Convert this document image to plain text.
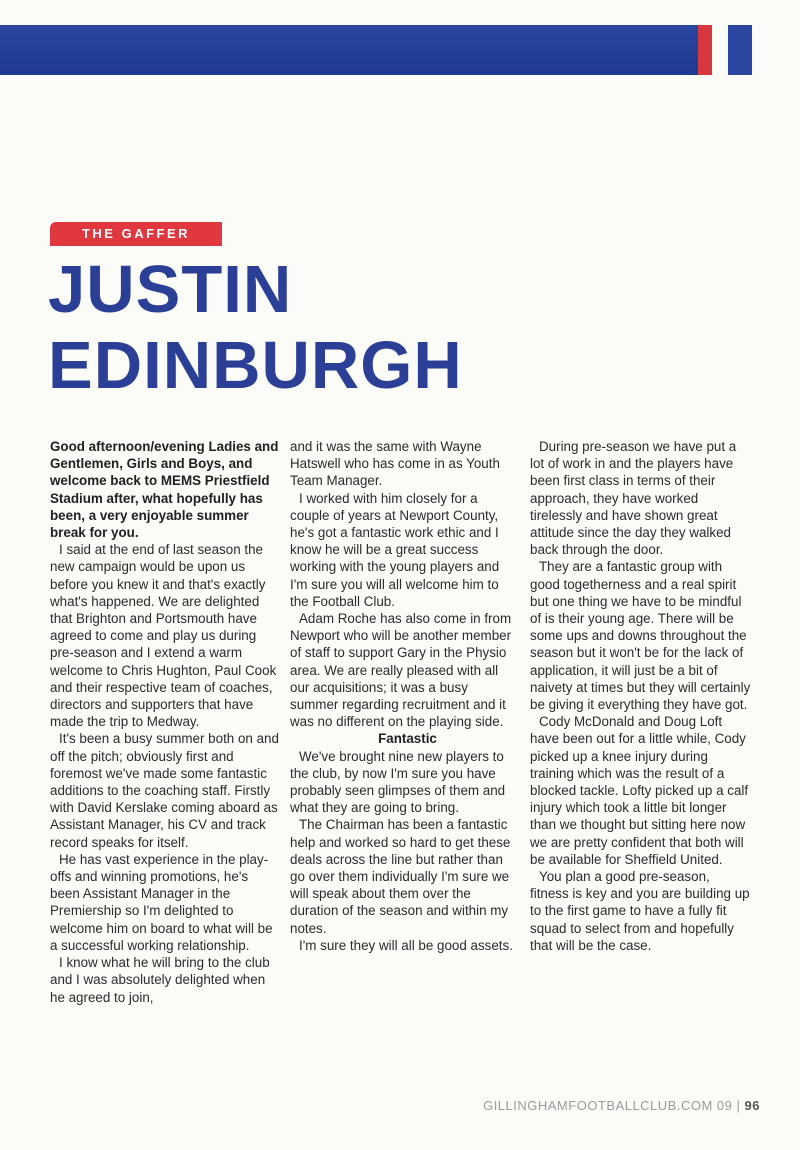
THE GAFFER
JUSTIN
EDINBURGH

Good afternoon/evening Ladies and Gentlemen, Girls and Boys, and welcome back to MEMS Priestfield Stadium after, what hopefully has been, a very enjoyable summer break for you.

I said at the end of last season the new campaign would be upon us before you knew it and that's exactly what's happened. We are delighted that Brighton and Portsmouth have agreed to come and play us during pre-season and I extend a warm welcome to Chris Hughton, Paul Cook and their respective team of coaches, directors and supporters that have made the trip to Medway.

It's been a busy summer both on and off the pitch; obviously first and foremost we've made some fantastic additions to the coaching staff. Firstly with David Kerslake coming aboard as Assistant Manager, his CV and track record speaks for itself.

He has vast experience in the play-offs and winning promotions, he's been Assistant Manager in the Premiership so I'm delighted to welcome him on board to what will be a successful working relationship.

I know what he will bring to the club and I was absolutely delighted when he agreed to join,

and it was the same with Wayne Hatswell who has come in as Youth Team Manager.

I worked with him closely for a couple of years at Newport County, he's got a fantastic work ethic and I know he will be a great success working with the young players and I'm sure you will all welcome him to the Football Club.

Adam Roche has also come in from Newport who will be another member of staff to support Gary in the Physio area. We are really pleased with all our acquisitions; it was a busy summer regarding recruitment and it was no different on the playing side.

Fantastic

We've brought nine new players to the club, by now I'm sure you have probably seen glimpses of them and what they are going to bring.

The Chairman has been a fantastic help and worked so hard to get these deals across the line but rather than go over them individually I'm sure we will speak about them over the duration of the season and within my notes.

I'm sure they will all be good assets.

During pre-season we have put a lot of work in and the players have been first class in terms of their approach, they have worked tirelessly and have shown great attitude since the day they walked back through the door.

They are a fantastic group with good togetherness and a real spirit but one thing we have to be mindful of is their young age. There will be some ups and downs throughout the season but it won't be for the lack of application, it will just be a bit of naivety at times but they will certainly be giving it everything they have got.

Cody McDonald and Doug Loft have been out for a little while, Cody picked up a knee injury during training which was the result of a blocked tackle. Lofty picked up a calf injury which took a little bit longer than we thought but sitting here now we are pretty confident that both will be available for Sheffield United.

You plan a good pre-season, fitness is key and you are building up to the first game to have a fully fit squad to select from and hopefully that will be the case.

GILLINGHAMFOOTBALLCLUB.COM 09 | 96
